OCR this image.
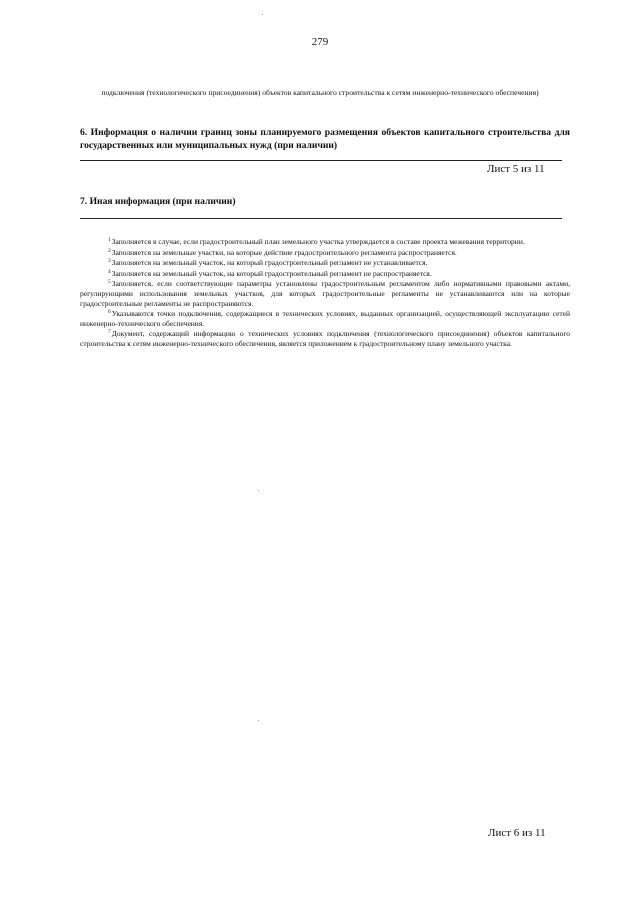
279
подключения (технологического присоединения) объектов капитального строительства к сетям инженерно-технического обеспечения)
6. Информация о наличии границ зоны планируемого размещения объектов капитального строительства для государственных или муниципальных нужд (при наличии)
Лист 5 из 11
7. Иная информация (при наличии)

$^1$Заполняется в случае, если градостроительный план земельного участка утверждается в составе проекта межевания территории.

$^2$Заполняется на земельные участки, на которые действие градостроительного регламента распространяется.

$^3$Заполняется на земельный участок, на который градостроительный регламент не устанавливается.

$^4$Заполняется на земельный участок, на который градостроительный регламент не распространяется.

$^5$Заполняется, если соответствующие параметры установлены градостроительным регламентом либо нормативными правовыми актами, регулирующими использования земельных участков, для которых градостроительные регламенты не устанавливаются или на которые градостроительные регламенты не распространяются.

$^6$Указываются точки подключения, содержащиеся в технических условиях, выданных организацией, осуществляющей эксплуатацию сетей инженерно-технического обеспечения.

$^7$Документ, содержащий информацию о технических условиях подключения (технологического присоединения) объектов капитального строительства к сетям инженерно-технического обеспечения, является приложением к градостроительному плану земельного участка.

Лист 6 из 11
